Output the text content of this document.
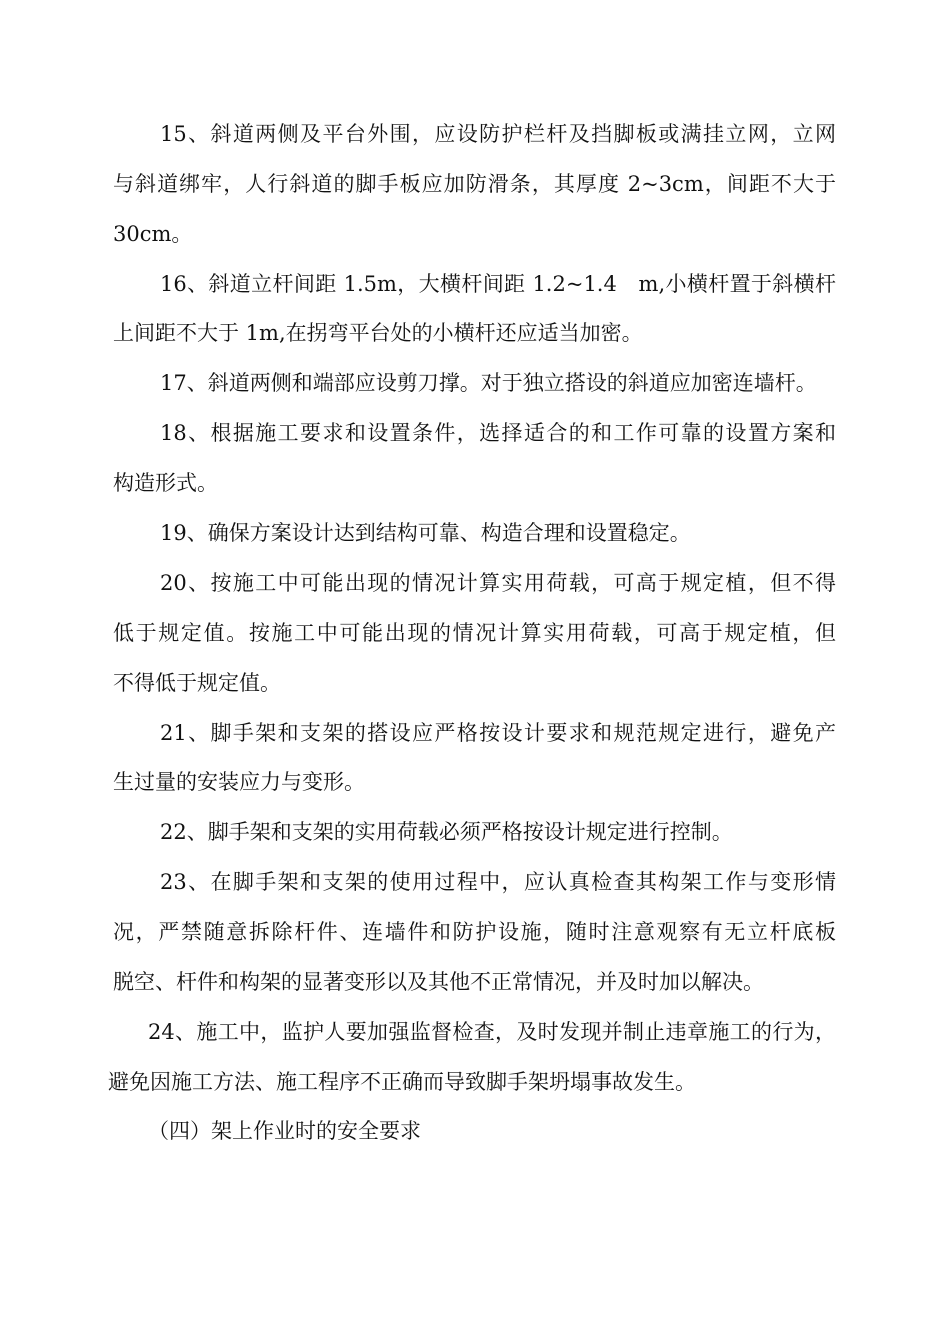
15、斜道两侧及平台外围，应设防护栏杆及挡脚板或满挂立网，立网
与斜道绑牢，人行斜道的脚手板应加防滑条，其厚度 2~3cm，间距不大于
30cm。
16、斜道立杆间距 1.5m，大横杆间距 1.2~1.4　m,小横杆置于斜横杆
上间距不大于 1m,在拐弯平台处的小横杆还应适当加密。
17、斜道两侧和端部应设剪刀撑。对于独立搭设的斜道应加密连墙杆。
18、根据施工要求和设置条件，选择适合的和工作可靠的设置方案和
构造形式。
19、确保方案设计达到结构可靠、构造合理和设置稳定。
20、按施工中可能出现的情况计算实用荷载，可高于规定植，但不得
低于规定值。按施工中可能出现的情况计算实用荷载，可高于规定植，但
不得低于规定值。
21、脚手架和支架的搭设应严格按设计要求和规范规定进行，避免产
生过量的安装应力与变形。
22、脚手架和支架的实用荷载必须严格按设计规定进行控制。
23、在脚手架和支架的使用过程中，应认真检查其构架工作与变形情
况，严禁随意拆除杆件、连墙件和防护设施，随时注意观察有无立杆底板
脱空、杆件和构架的显著变形以及其他不正常情况，并及时加以解决。
24、施工中，监护人要加强监督检查，及时发现并制止违章施工的行为，
避免因施工方法、施工程序不正确而导致脚手架坍塌事故发生。
（四）架上作业时的安全要求
